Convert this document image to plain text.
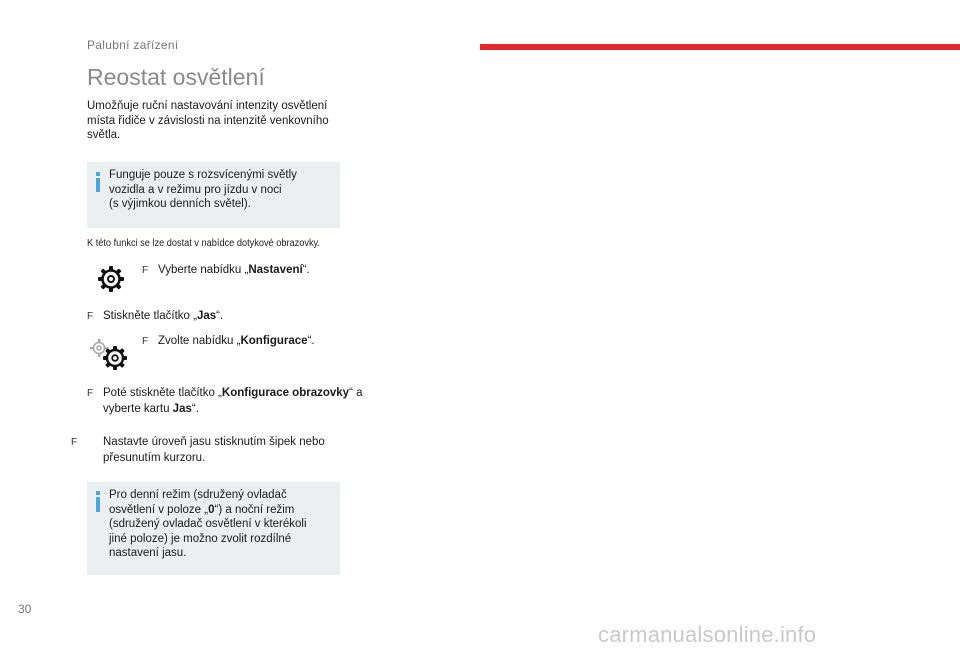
Palubní zařízení
Reostat osvětlení
Umožňuje ruční nastavování intenzity osvětlení místa řidiče v závislosti na intenzitě venkovního světla.
Funguje pouze s rozsvícenými světly
vozidla a v režimu pro jízdu v noci
(s výjimkou denních světel).
K této funkci se lze dostat v nabídce dotykové obrazovky.
F Vyberte nabídku „Nastavení“.
F Stiskněte tlačítko „Jas“.
F Zvolte nabídku „Konfigurace“.
F Poté stiskněte tlačítko „Konfigurace obrazovky“ a vyberte kartu Jas“.
F Nastavte úroveň jasu stisknutím šipek nebo přesunutím kurzoru.
Pro denní režim (sdružený ovladač
osvětlení v poloze „0“) a noční režim
(sdružený ovladač osvětlení v kterékoli
jiné poloze) je možno zvolit rozdílné
nastavení jasu.
30
carmanualsonline.info
